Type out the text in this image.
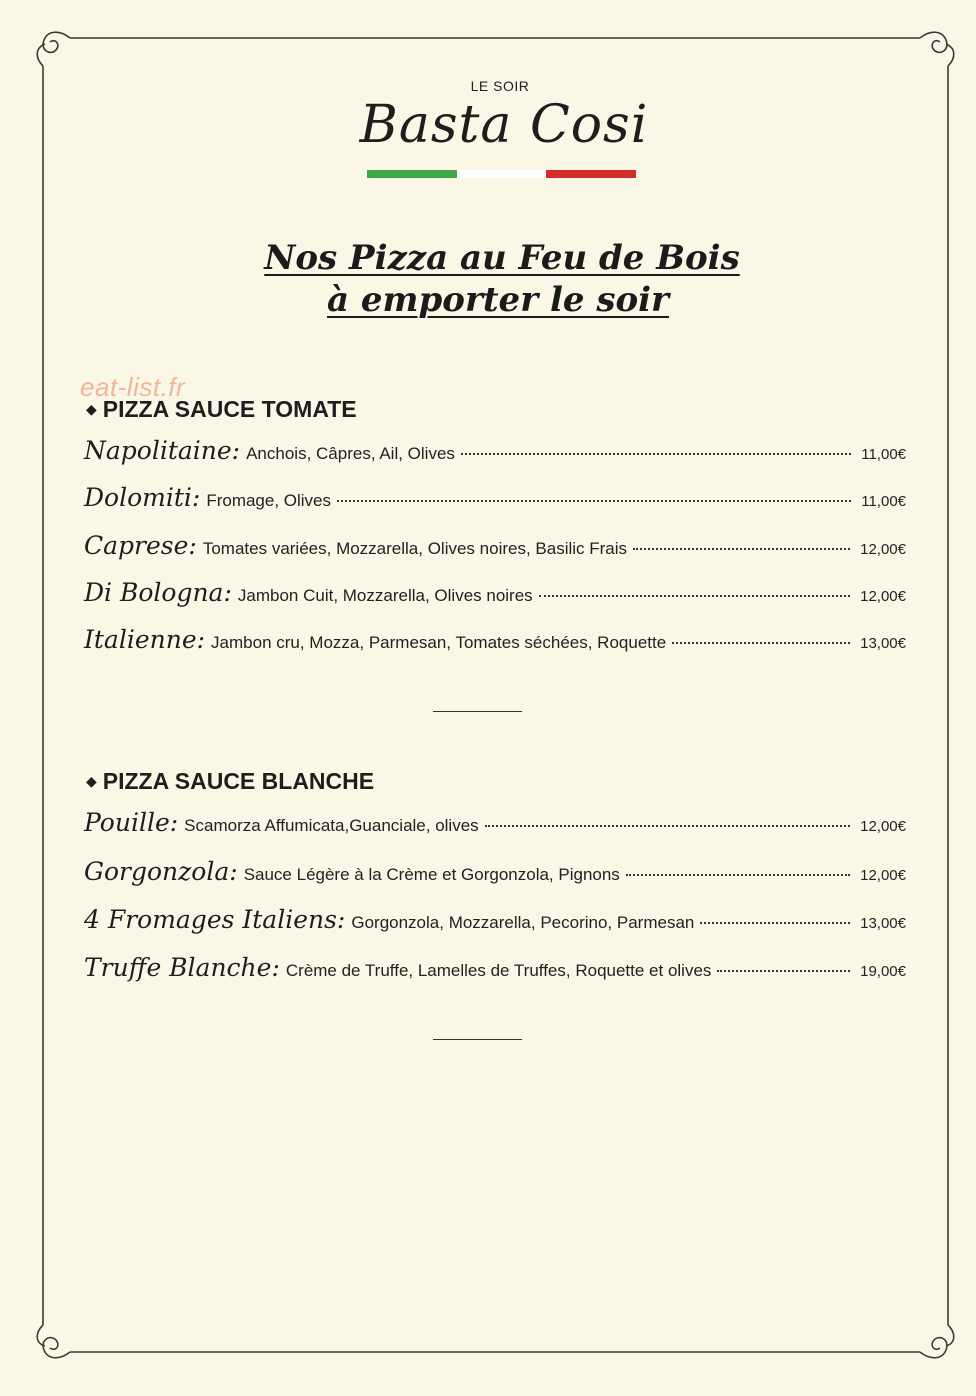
LE SOIR
Basta Cosi
Nos Pizza au Feu de Bois
à emporter le soir
eat-list.fr
◆ PIZZA SAUCE TOMATE
Napolitaine: Anchois, Câpres, Ail, Olives	11,00€
Dolomiti: Fromage, Olives	11,00€
Caprese: Tomates variées, Mozzarella, Olives noires, Basilic Frais	12,00€
Di Bologna: Jambon Cuit, Mozzarella, Olives noires	12,00€
Italienne: Jambon cru, Mozza, Parmesan, Tomates séchées, Roquette	13,00€
◆ PIZZA SAUCE BLANCHE
Pouille: Scamorza Affumicata,Guanciale, olives	12,00€
Gorgonzola: Sauce Légère à la Crème et Gorgonzola, Pignons	12,00€
4 Fromages Italiens: Gorgonzola, Mozzarella, Pecorino, Parmesan	13,00€
Truffe Blanche: Crème de Truffe, Lamelles de Truffes, Roquette et olives	19,00€
